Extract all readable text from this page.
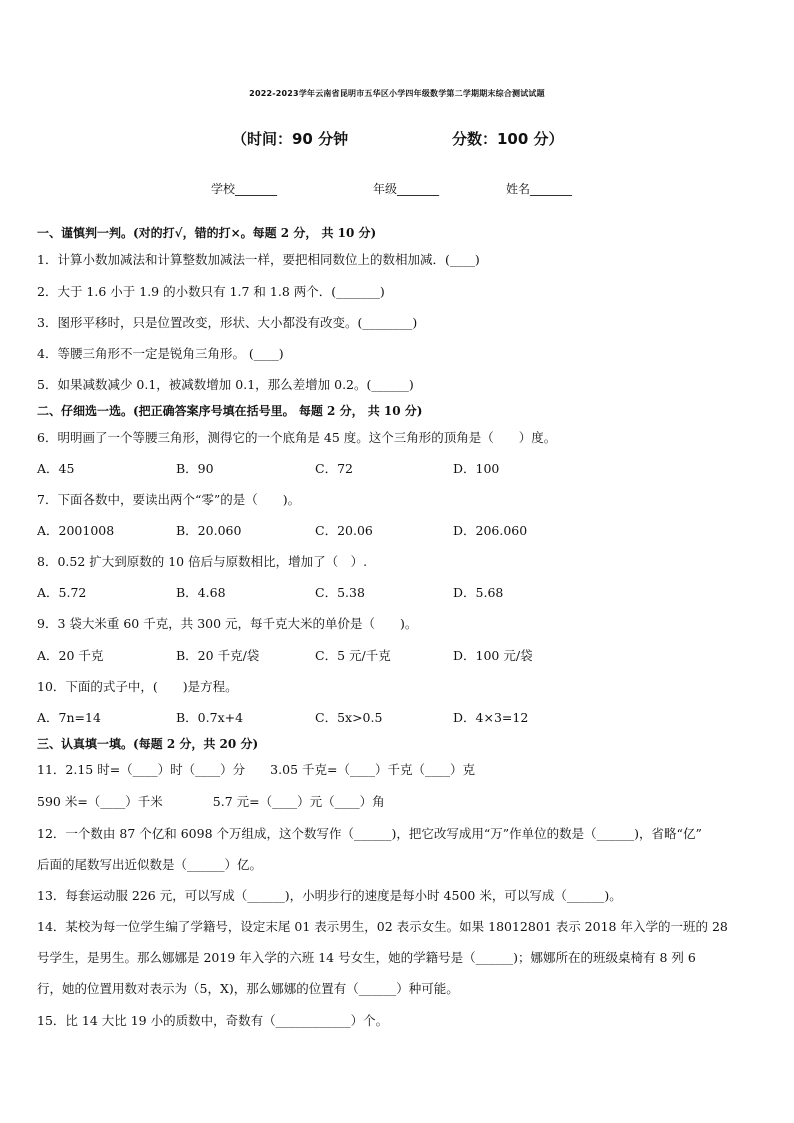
2022-2023学年云南省昆明市五华区小学四年级数学第二学期期末综合测试试题
（时间：90 分钟	分数：100 分）
学校_______	年级_______	姓名_______
一、谨慎判一判。(对的打√，错的打×。每题 2 分， 共 10 分)
1．计算小数加减法和计算整数加减法一样，要把相同数位上的数相加减．(____)
2．大于 1.6 小于 1.9 的小数只有 1.7 和 1.8 两个．(_______)
3．图形平移时，只是位置改变，形状、大小都没有改变。(________)
4．等腰三角形不一定是锐角三角形。 (____)
5．如果减数减少 0.1，被减数增加 0.1，那么差增加 0.2。(______)
二、仔细选一选。(把正确答案序号填在括号里。 每题 2 分， 共 10 分)
6．明明画了一个等腰三角形，测得它的一个底角是 45 度。这个三角形的顶角是（　　）度。
A．45	B．90	C．72	D．100
7．下面各数中，要读出两个“零”的是（　　)。
A．2001008	B．20.060	C．20.06	D．206.060
8．0.52 扩大到原数的 10 倍后与原数相比，增加了（　）.
A．5.72	B．4.68	C．5.38	D．5.68
9．3 袋大米重 60 千克，共 300 元，每千克大米的单价是（　　)。
A．20 千克	B．20 千克/袋	C．5 元/千克	D．100 元/袋
10．下面的式子中，(　　)是方程。
A．7n=14	B．0.7x+4	C．5x>0.5	D．4×3=12
三、认真填一填。(每题 2 分，共 20 分)
11．2.15 时=（____）时（____）分　　3.05 千克=（____）千克（____）克
590 米=（____）千米　　　　5.7 元=（____）元（____）角
12．一个数由 87 个亿和 6098 个万组成，这个数写作（______)，把它改写成用“万”作单位的数是（______)，省略“亿”
后面的尾数写出近似数是（______）亿。
13．每套运动服 226 元，可以写成（______)，小明步行的速度是每小时 4500 米，可以写成（______)。
14．某校为每一位学生编了学籍号，设定末尾 01 表示男生，02 表示女生。如果 18012801 表示 2018 年入学的一班的 28
号学生，是男生。那么娜娜是 2019 年入学的六班 14 号女生，她的学籍号是（______)；娜娜所在的班级桌椅有 8 列 6
行，她的位置用数对表示为（5，X)，那么娜娜的位置有（______）种可能。
15．比 14 大比 19 小的质数中，奇数有（____________）个。
